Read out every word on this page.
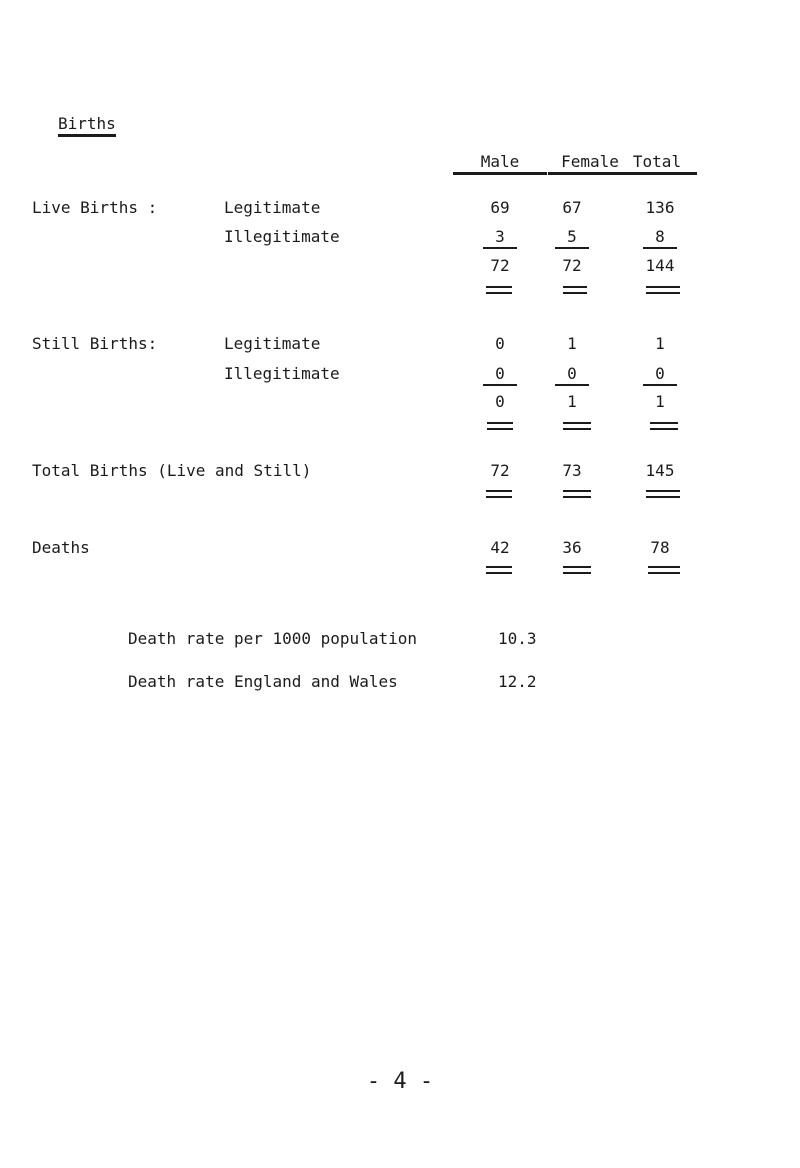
Births
Male	Female Total
Live Births :	Legitimate	69	67	136
Illegitimate	3	5	8
72	72	144
Still Births:	Legitimate	0	1	1
Illegitimate	0	0	0
0	1	1
Total Births (Live and Still)	72	73	145
Deaths	42	36	78
Death rate per 1000 population	10.3
Death rate England and Wales	12.2
- 4 -
